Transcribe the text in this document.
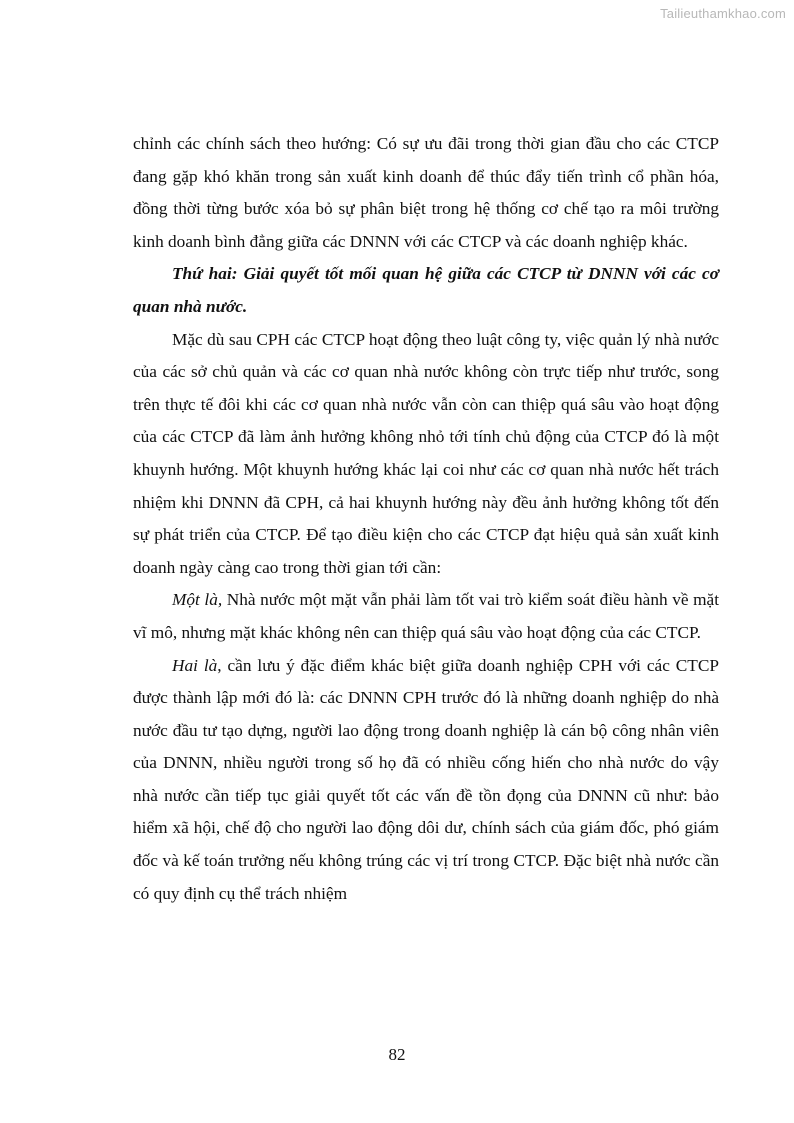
Tailieuthamkhao.com

chỉnh các chính sách theo hướng: Có sự ưu đãi trong thời gian đầu cho các CTCP đang gặp khó khăn trong sản xuất kinh doanh để thúc đẩy tiến trình cổ phần hóa, đồng thời từng bước xóa bỏ sự phân biệt trong hệ thống cơ chế tạo ra môi trường kinh doanh bình đẳng giữa các DNNN với các CTCP và các doanh nghiệp khác.

Thứ hai: Giải quyết tốt mối quan hệ giữa các CTCP từ DNNN với các cơ quan nhà nước.

Mặc dù sau CPH các CTCP hoạt động theo luật công ty, việc quản lý nhà nước của các sở chủ quản và các cơ quan nhà nước không còn trực tiếp như trước, song trên thực tế đôi khi các cơ quan nhà nước vẫn còn can thiệp quá sâu vào hoạt động của các CTCP đã làm ảnh hưởng không nhỏ tới tính chủ động của CTCP đó là một khuynh hướng. Một khuynh hướng khác lại coi như các cơ quan nhà nước hết trách nhiệm khi DNNN đã CPH, cả hai khuynh hướng này đều ảnh hưởng không tốt đến sự phát triển của CTCP. Để tạo điều kiện cho các CTCP đạt hiệu quả sản xuất kinh doanh ngày càng cao trong thời gian tới cần:

Một là, Nhà nước một mặt vẫn phải làm tốt vai trò kiểm soát điều hành về mặt vĩ mô, nhưng mặt khác không nên can thiệp quá sâu vào hoạt động của các CTCP.

Hai là, cần lưu ý đặc điểm khác biệt giữa doanh nghiệp CPH với các CTCP được thành lập mới đó là: các DNNN CPH trước đó là những doanh nghiệp do nhà nước đầu tư tạo dựng, người lao động trong doanh nghiệp là cán bộ công nhân viên của DNNN, nhiều người trong số họ đã có nhiều cống hiến cho nhà nước do vậy nhà nước cần tiếp tục giải quyết tốt các vấn đề tồn đọng của DNNN cũ như: bảo hiểm xã hội, chế độ cho người lao động dôi dư, chính sách của giám đốc, phó giám đốc và kế toán trưởng nếu không trúng các vị trí trong CTCP. Đặc biệt nhà nước cần có quy định cụ thể trách nhiệm

82
